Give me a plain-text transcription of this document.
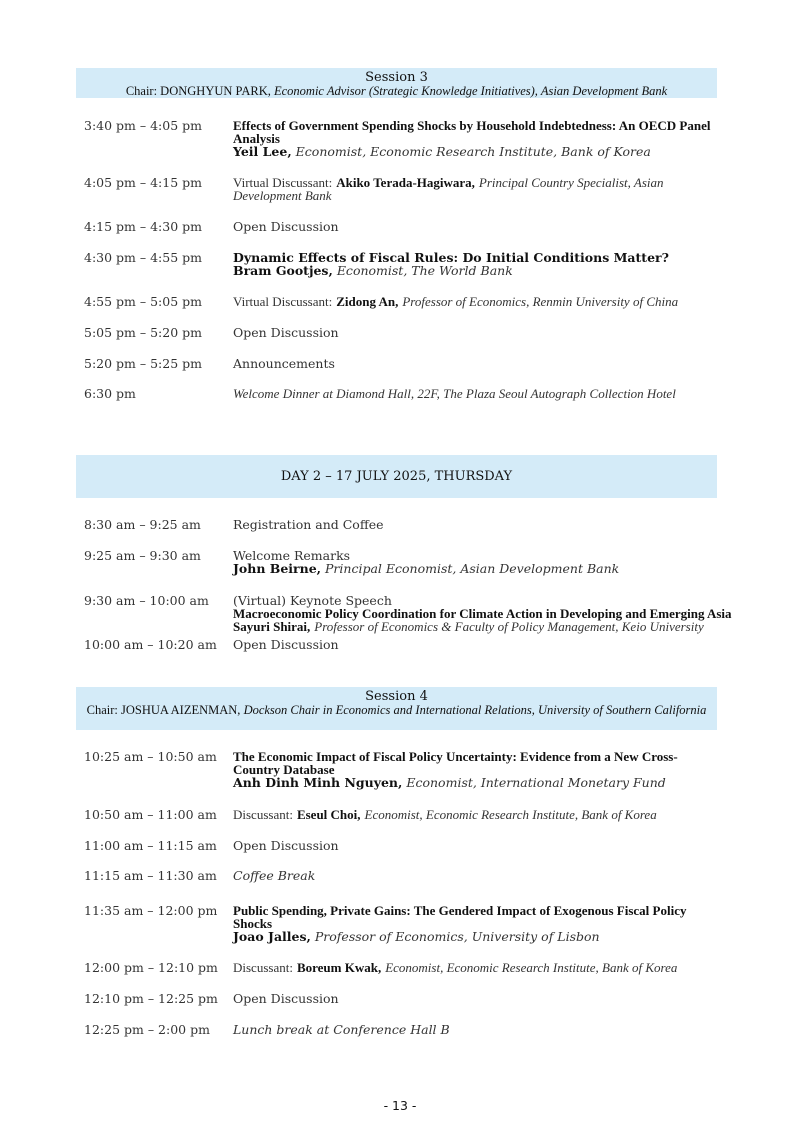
Session 3
Chair: DONGHYUN PARK, Economic Advisor (Strategic Knowledge Initiatives), Asian Development Bank
3:40 pm – 4:05 pm	Effects of Government Spending Shocks by Household Indebtedness: An OECD Panel Analysis
Yeil Lee, Economist, Economic Research Institute, Bank of Korea
4:05 pm – 4:15 pm	Virtual Discussant: Akiko Terada-Hagiwara, Principal Country Specialist, Asian Development Bank
4:15 pm – 4:30 pm	Open Discussion
4:30 pm – 4:55 pm	Dynamic Effects of Fiscal Rules: Do Initial Conditions Matter?
Bram Gootjes, Economist, The World Bank
4:55 pm – 5:05 pm	Virtual Discussant: Zidong An, Professor of Economics, Renmin University of China
5:05 pm – 5:20 pm	Open Discussion
5:20 pm – 5:25 pm	Announcements
6:30 pm	Welcome Dinner at Diamond Hall, 22F, The Plaza Seoul Autograph Collection Hotel
DAY 2 – 17 JULY 2025, THURSDAY
8:30 am – 9:25 am	Registration and Coffee
9:25 am – 9:30 am	Welcome Remarks
John Beirne, Principal Economist, Asian Development Bank
9:30 am – 10:00 am	(Virtual) Keynote Speech
Macroeconomic Policy Coordination for Climate Action in Developing and Emerging Asia
Sayuri Shirai, Professor of Economics & Faculty of Policy Management, Keio University
10:00 am – 10:20 am	Open Discussion
Session 4
Chair: JOSHUA AIZENMAN, Dockson Chair in Economics and International Relations, University of Southern California
10:25 am – 10:50 am	The Economic Impact of Fiscal Policy Uncertainty: Evidence from a New Cross-Country Database
Anh Dinh Minh Nguyen, Economist, International Monetary Fund
10:50 am – 11:00 am	Discussant: Eseul Choi, Economist, Economic Research Institute, Bank of Korea
11:00 am – 11:15 am	Open Discussion
11:15 am – 11:30 am	Coffee Break
11:35 am – 12:00 pm	Public Spending, Private Gains: The Gendered Impact of Exogenous Fiscal Policy Shocks
Joao Jalles, Professor of Economics, University of Lisbon
12:00 pm – 12:10 pm	Discussant: Boreum Kwak, Economist, Economic Research Institute, Bank of Korea
12:10 pm – 12:25 pm	Open Discussion
12:25 pm – 2:00 pm	Lunch break at Conference Hall B
- 13 -
